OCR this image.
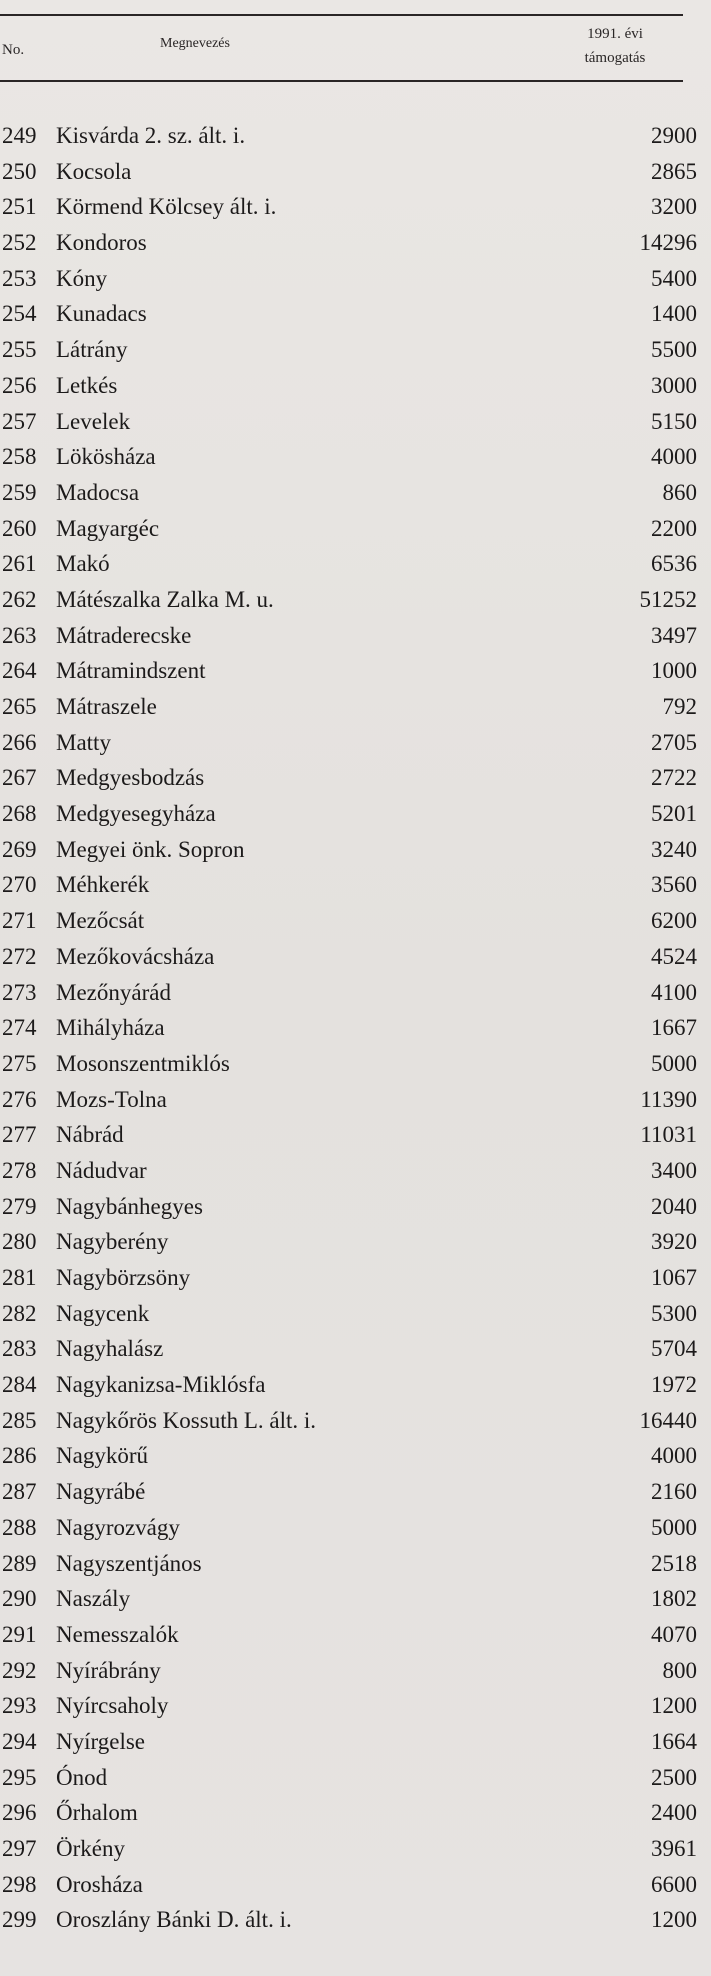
No.	Megnevezés
1991. évi
támogatás
249 Kisvárda 2. sz. ált. i.	2900
250 Kocsola	2865
251 Körmend Kölcsey ált. i.	3200
252 Kondoros	14296
253 Kóny	5400
254 Kunadacs	1400
255 Látrány	5500
256 Letkés	3000
257 Levelek	5150
258 Lökösháza	4000
259 Madocsa	860
260 Magyargéc	2200
261 Makó	6536
262 Mátészalka Zalka M. u.	51252
263 Mátraderecske	3497
264 Mátramindszent	1000
265 Mátraszele	792
266 Matty	2705
267 Medgyesbodzás	2722
268 Medgyesegyháza	5201
269 Megyei önk. Sopron	3240
270 Méhkerék	3560
271 Mezőcsát	6200
272 Mezőkovácsháza	4524
273 Mezőnyárád	4100
274 Mihályháza	1667
275 Mosonszentmiklós	5000
276 Mozs-Tolna	11390
277 Nábrád	11031
278 Nádudvar	3400
279 Nagybánhegyes	2040
280 Nagyberény	3920
281 Nagybörzsöny	1067
282 Nagycenk	5300
283 Nagyhalász	5704
284 Nagykanizsa-Miklósfa	1972
285 Nagykőrös Kossuth L. ált. i.	16440
286 Nagykörű	4000
287 Nagyrábé	2160
288 Nagyrozvágy	5000
289 Nagyszentjános	2518
290 Naszály	1802
291 Nemesszalók	4070
292 Nyírábrány	800
293 Nyírcsaholy	1200
294 Nyírgelse	1664
295 Ónod	2500
296 Őrhalom	2400
297 Örkény	3961
298 Orosháza	6600
299 Oroszlány Bánki D. ált. i.	1200
